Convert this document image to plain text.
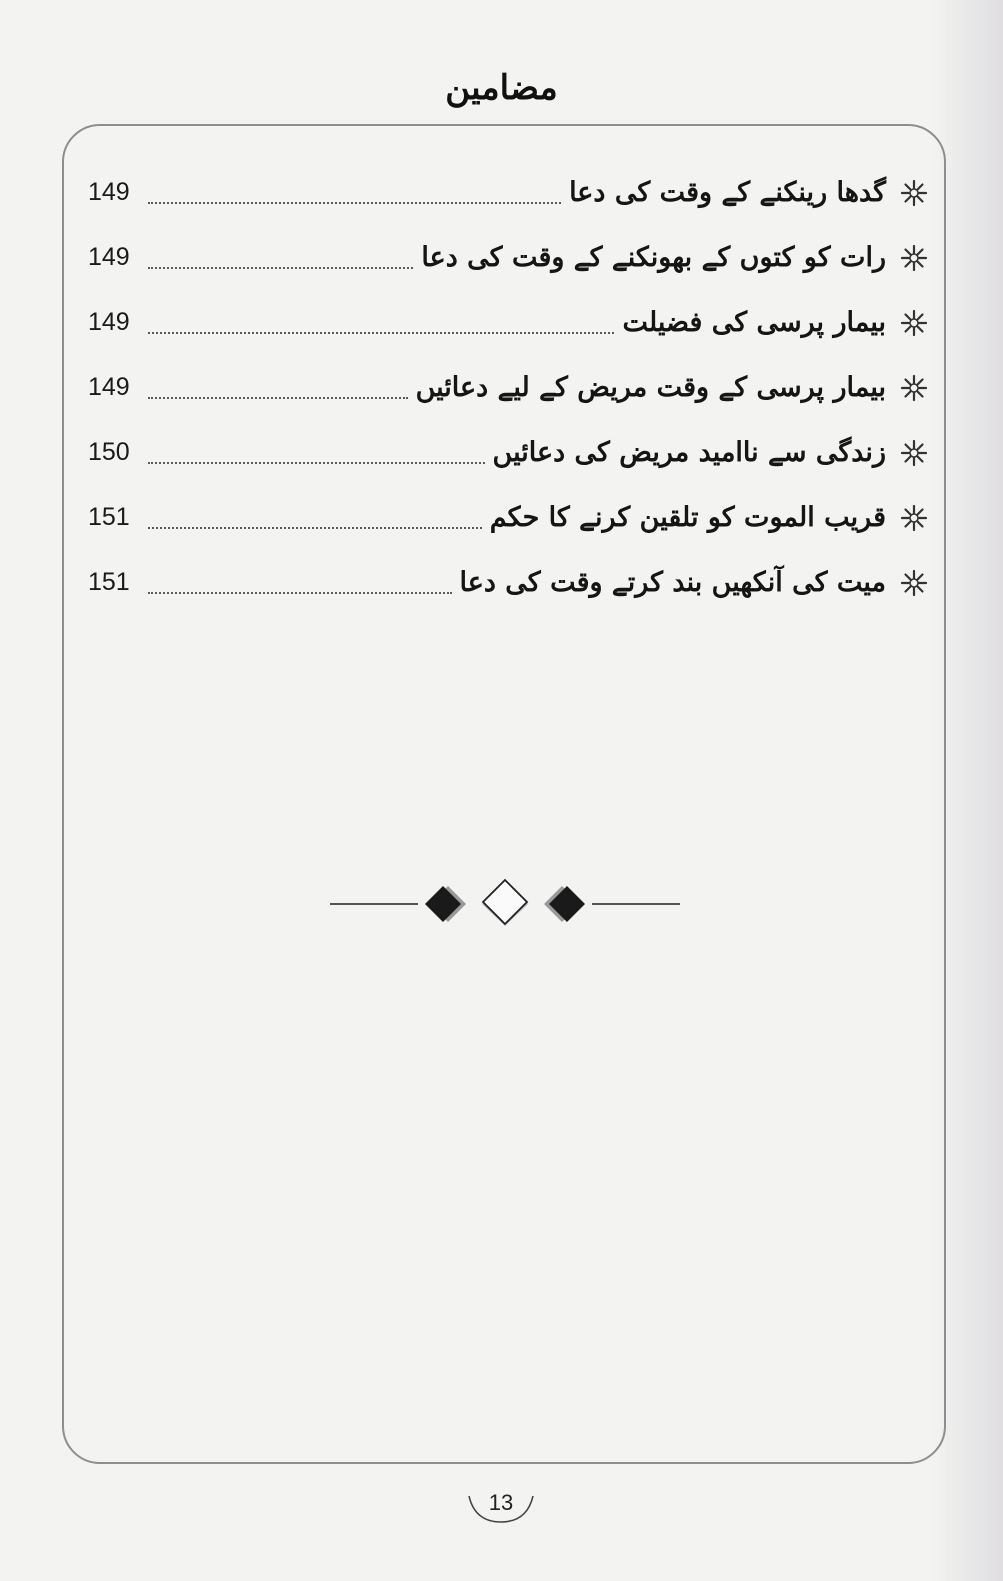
مضامین
گدھا رینکنے کے وقت کی دعا
149
رات کو کتوں کے بھونکنے کے وقت کی دعا
149
بیمار پرسی کی فضیلت
149
بیمار پرسی کے وقت مریض کے لیے دعائیں
149
زندگی سے ناامید مریض کی دعائیں
150
قریب الموت کو تلقین کرنے کا حکم
151
میت کی آنکھیں بند کرتے وقت کی دعا
151
13
